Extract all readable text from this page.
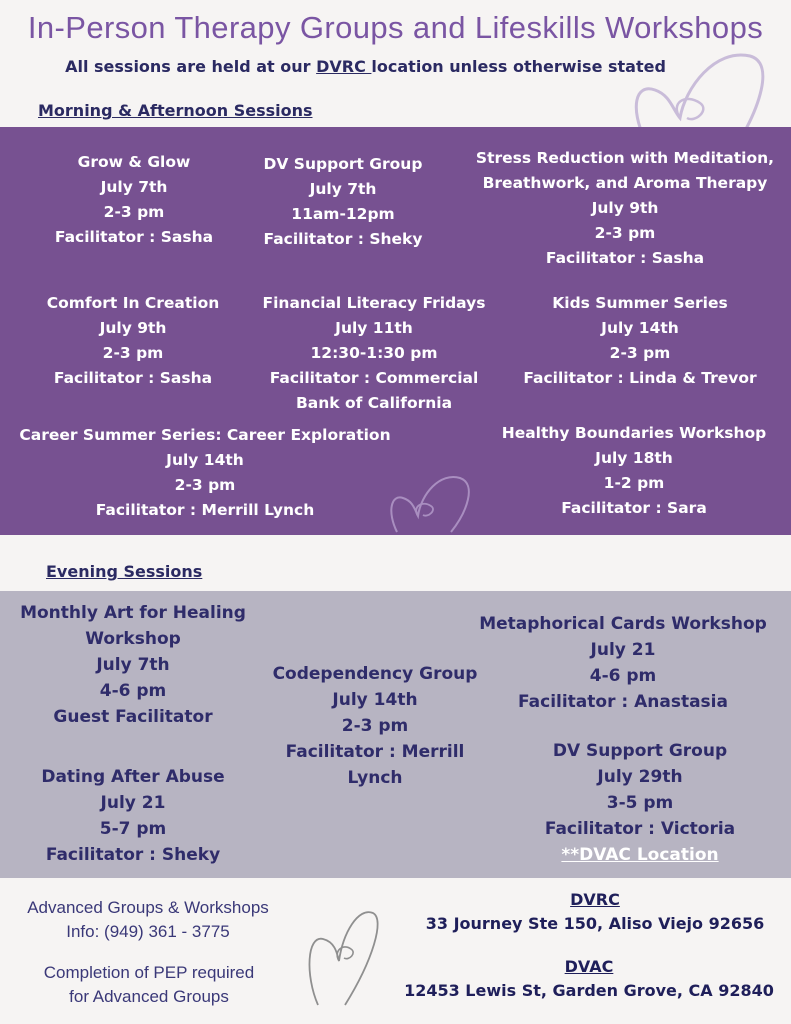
In-Person Therapy Groups and Lifeskills Workshops
All sessions are held at our DVRC location unless otherwise stated
Morning & Afternoon Sessions
Grow & Glow
July 7th
2-3 pm
Facilitator : Sasha
DV Support Group
July 7th
11am-12pm
Facilitator : Sheky
Stress Reduction with Meditation,
Breathwork, and Aroma Therapy
July 9th
2-3 pm
Facilitator : Sasha
Comfort In Creation
July 9th
2-3 pm
Facilitator : Sasha
Financial Literacy Fridays
July 11th
12:30-1:30 pm
Facilitator : Commercial
Bank of California
Kids Summer Series
July 14th
2-3 pm
Facilitator : Linda & Trevor
Career Summer Series: Career Exploration
July 14th
2-3 pm
Facilitator : Merrill Lynch
Healthy Boundaries Workshop
July 18th
1-2 pm
Facilitator : Sara
Evening Sessions
Monthly Art for Healing
Workshop
July 7th
4-6 pm
Guest Facilitator
Dating After Abuse
July 21
5-7 pm
Facilitator : Sheky
Codependency Group
July 14th
2-3 pm
Facilitator : Merrill
Lynch
Metaphorical Cards Workshop
July 21
4-6 pm
Facilitator : Anastasia
DV Support Group
July 29th
3-5 pm
Facilitator : Victoria
**DVAC Location
Advanced Groups & Workshops
Info: (949) 361 - 3775
Completion of PEP required
for Advanced Groups
DVRC
33 Journey Ste 150, Aliso Viejo 92656
DVAC
12453 Lewis St, Garden Grove, CA 92840
